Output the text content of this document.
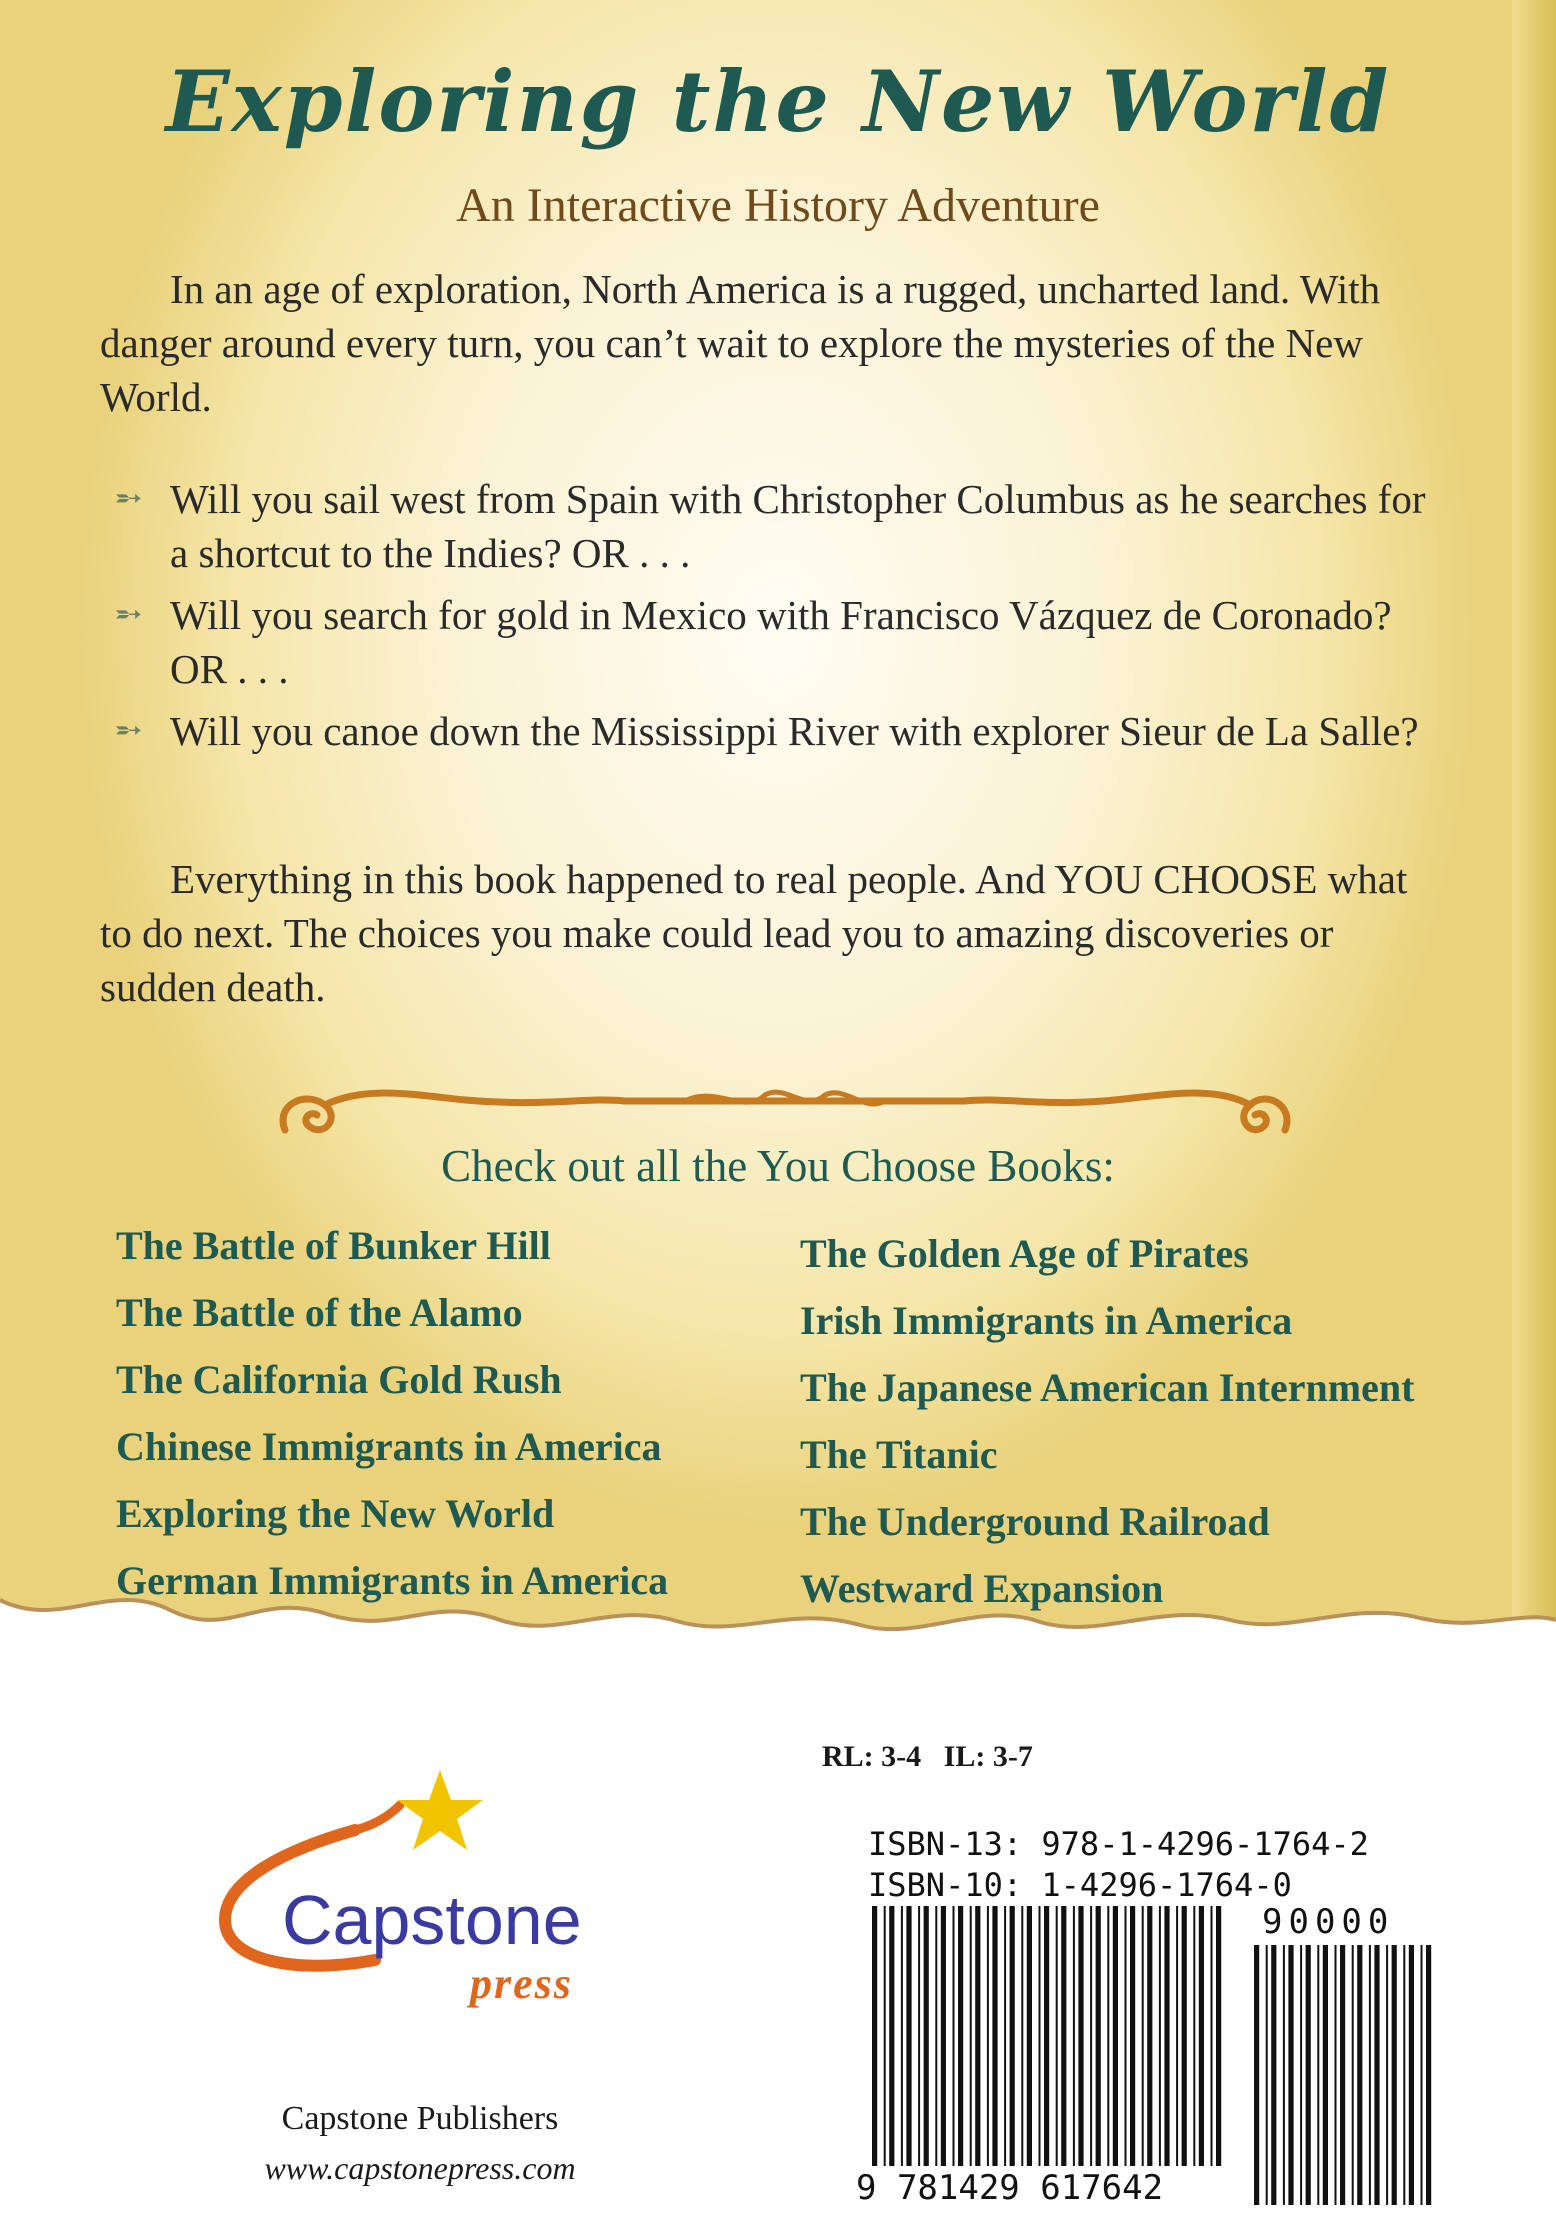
Exploring the New World
An Interactive History Adventure
In an age of exploration, North America is a rugged, uncharted land. With danger around every turn, you can’t wait to explore the mysteries of the New World.
➵ Will you sail west from Spain with Christopher Columbus as he searches for a shortcut to the Indies? OR . . .
➵ Will you search for gold in Mexico with Francisco Vázquez de Coronado? OR . . .
➵ Will you canoe down the Mississippi River with explorer Sieur de La Salle?
Everything in this book happened to real people. And YOU CHOOSE what to do next. The choices you make could lead you to amazing discoveries or sudden death.
Check out all the You Choose Books:
The Battle of Bunker Hill
The Battle of the Alamo
The California Gold Rush
Chinese Immigrants in America
Exploring the New World
German Immigrants in America
The Golden Age of Pirates
Irish Immigrants in America
The Japanese American Internment
The Titanic
The Underground Railroad
Westward Expansion
Capstone
press
Capstone Publishers
www.capstonepress.com
RL: 3-4   IL: 3-7
ISBN-13: 978-1-4296-1764-2
ISBN-10: 1-4296-1764-0
90000
9 781429 617642
